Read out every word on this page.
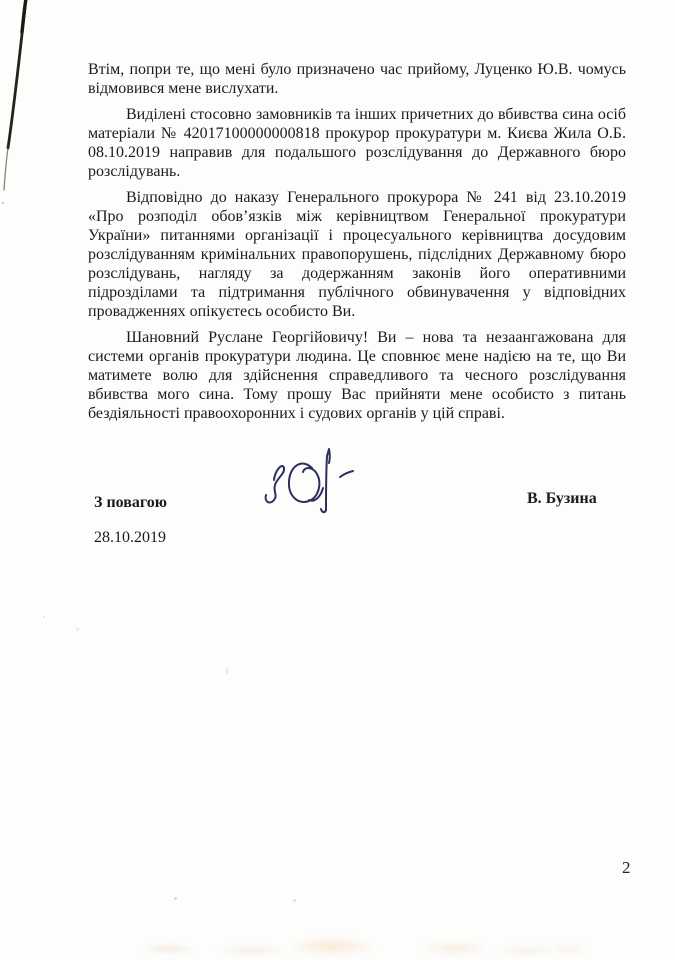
Втім, попри те, що мені було призначено час прийому, Луценко Ю.В. чомусь відмовився мене вислухати.

Виділені стосовно замовників та інших причетних до вбивства сина осіб матеріали № 42017100000000818 прокурор прокуратури м. Києва Жила О.Б. 08.10.2019 направив для подальшого розслідування до Державного бюро розслідувань.

Відповідно до наказу Генерального прокурора № 241 від 23.10.2019 «Про розподіл обов’язків між керівництвом Генеральної прокуратури України» питаннями організації і процесуального керівництва досудовим розслідуванням кримінальних правопорушень, підслідних Державному бюро розслідувань, нагляду за додержанням законів його оперативними підрозділами та підтримання публічного обвинувачення у відповідних провадженнях опікуєтесь особисто Ви.

Шановний Руслане Георгійовичу! Ви – нова та незаангажована для системи органів прокуратури людина. Це сповнює мене надією на те, що Ви матимете волю для здійснення справедливого та чесного розслідування вбивства мого сина. Тому прошу Вас прийняти мене особисто з питань бездіяльності правоохоронних і судових органів у цій справі.

З повагою	В. Бузина
28.10.2019
2
